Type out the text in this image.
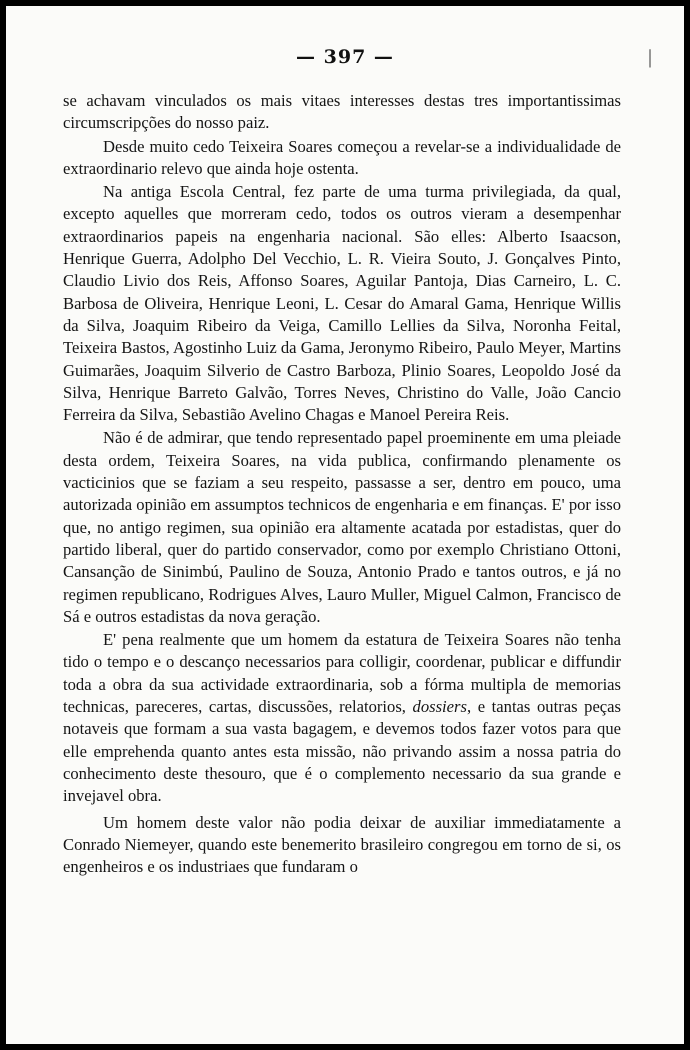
— 397 —	|

se achavam vinculados os mais vitaes interesses destas tres importantissimas circumscripções do nosso paiz.

Desde muito cedo Teixeira Soares começou a revelar-se a individualidade de extraordinario relevo que ainda hoje ostenta.

Na antiga Escola Central, fez parte de uma turma privilegiada, da qual, excepto aquelles que morreram cedo, todos os outros vieram a desempenhar extraordinarios papeis na engenharia nacional. São elles: Alberto Isaacson, Henrique Guerra, Adolpho Del Vecchio, L. R. Vieira Souto, J. Gonçalves Pinto, Claudio Livio dos Reis, Affonso Soares, Aguilar Pantoja, Dias Carneiro, L. C. Barbosa de Oliveira, Henrique Leoni, L. Cesar do Amaral Gama, Henrique Willis da Silva, Joaquim Ribeiro da Veiga, Camillo Lellies da Silva, Noronha Feital, Teixeira Bastos, Agostinho Luiz da Gama, Jeronymo Ribeiro, Paulo Meyer, Martins Guimarães, Joaquim Silverio de Castro Barboza, Plinio Soares, Leopoldo José da Silva, Henrique Barreto Galvão, Torres Neves, Christino do Valle, João Cancio Ferreira da Silva, Sebastião Avelino Chagas e Manoel Pereira Reis.

Não é de admirar, que tendo representado papel proeminente em uma pleiade desta ordem, Teixeira Soares, na vida publica, confirmando plenamente os vacticinios que se faziam a seu respeito, passasse a ser, dentro em pouco, uma autorizada opinião em assumptos technicos de engenharia e em finanças. E' por isso que, no antigo regimen, sua opinião era altamente acatada por estadistas, quer do partido liberal, quer do partido conservador, como por exemplo Christiano Ottoni, Cansanção de Sinimbú, Paulino de Souza, Antonio Prado e tantos outros, e já no regimen republicano, Rodrigues Alves, Lauro Muller, Miguel Calmon, Francisco de Sá e outros estadistas da nova geração.

E' pena realmente que um homem da estatura de Teixeira Soares não tenha tido o tempo e o descanço necessarios para colligir, coordenar, publicar e diffundir toda a obra da sua actividade extraordinaria, sob a fórma multipla de memorias technicas, pareceres, cartas, discussões, relatorios, dossiers, e tantas outras peças notaveis que formam a sua vasta bagagem, e devemos todos fazer votos para que elle emprehenda quanto antes esta missão, não privando assim a nossa patria do conhecimento deste thesouro, que é o complemento necessario da sua grande e invejavel obra.

Um homem deste valor não podia deixar de auxiliar immediatamente a Conrado Niemeyer, quando este benemerito brasileiro congregou em torno de si, os engenheiros e os industriaes que fundaram o
